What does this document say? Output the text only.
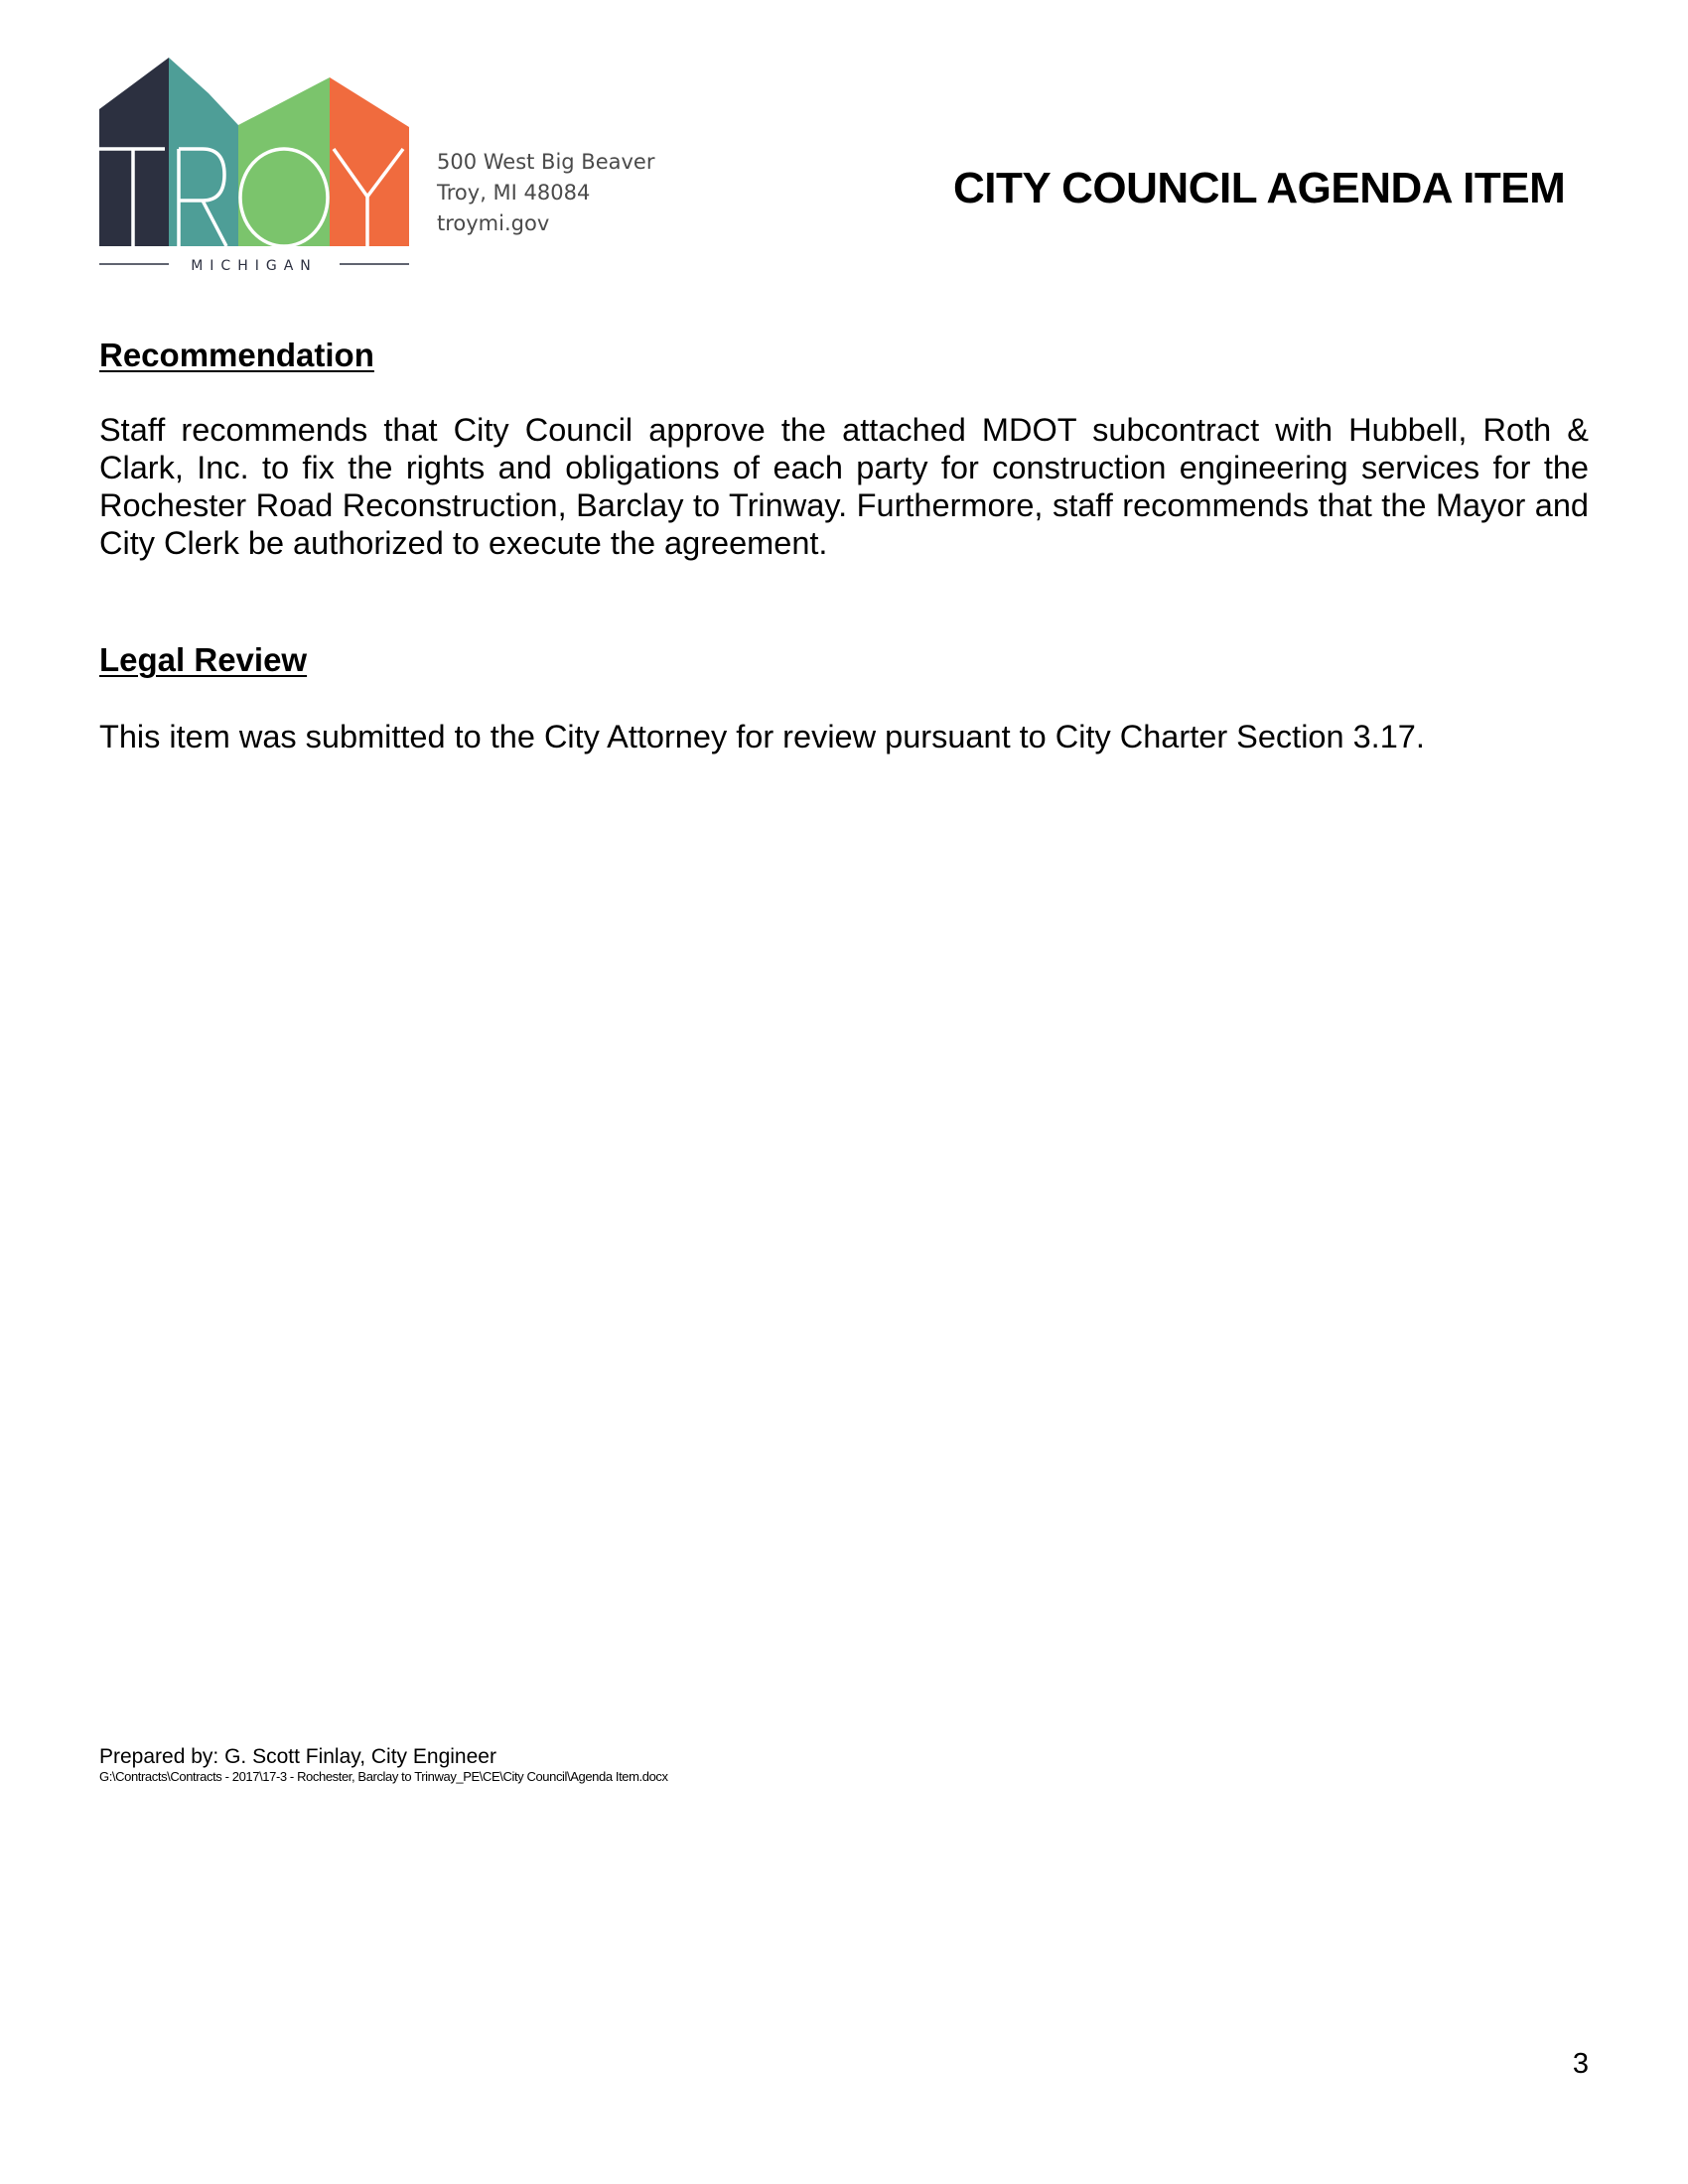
MICHIGAN
500 West Big Beaver
Troy, MI 48084
troymi.gov
CITY COUNCIL AGENDA ITEM
Recommendation
Staff recommends that City Council approve the attached MDOT subcontract with Hubbell, Roth & Clark, Inc. to fix the rights and obligations of each party for construction engineering services for the Rochester Road Reconstruction, Barclay to Trinway. Furthermore, staff recommends that the Mayor and City Clerk be authorized to execute the agreement.
Legal Review
This item was submitted to the City Attorney for review pursuant to City Charter Section 3.17.
Prepared by: G. Scott Finlay, City Engineer
G:\Contracts\Contracts - 2017\17-3 - Rochester, Barclay to Trinway_PE\CE\City Council\Agenda Item.docx
3
